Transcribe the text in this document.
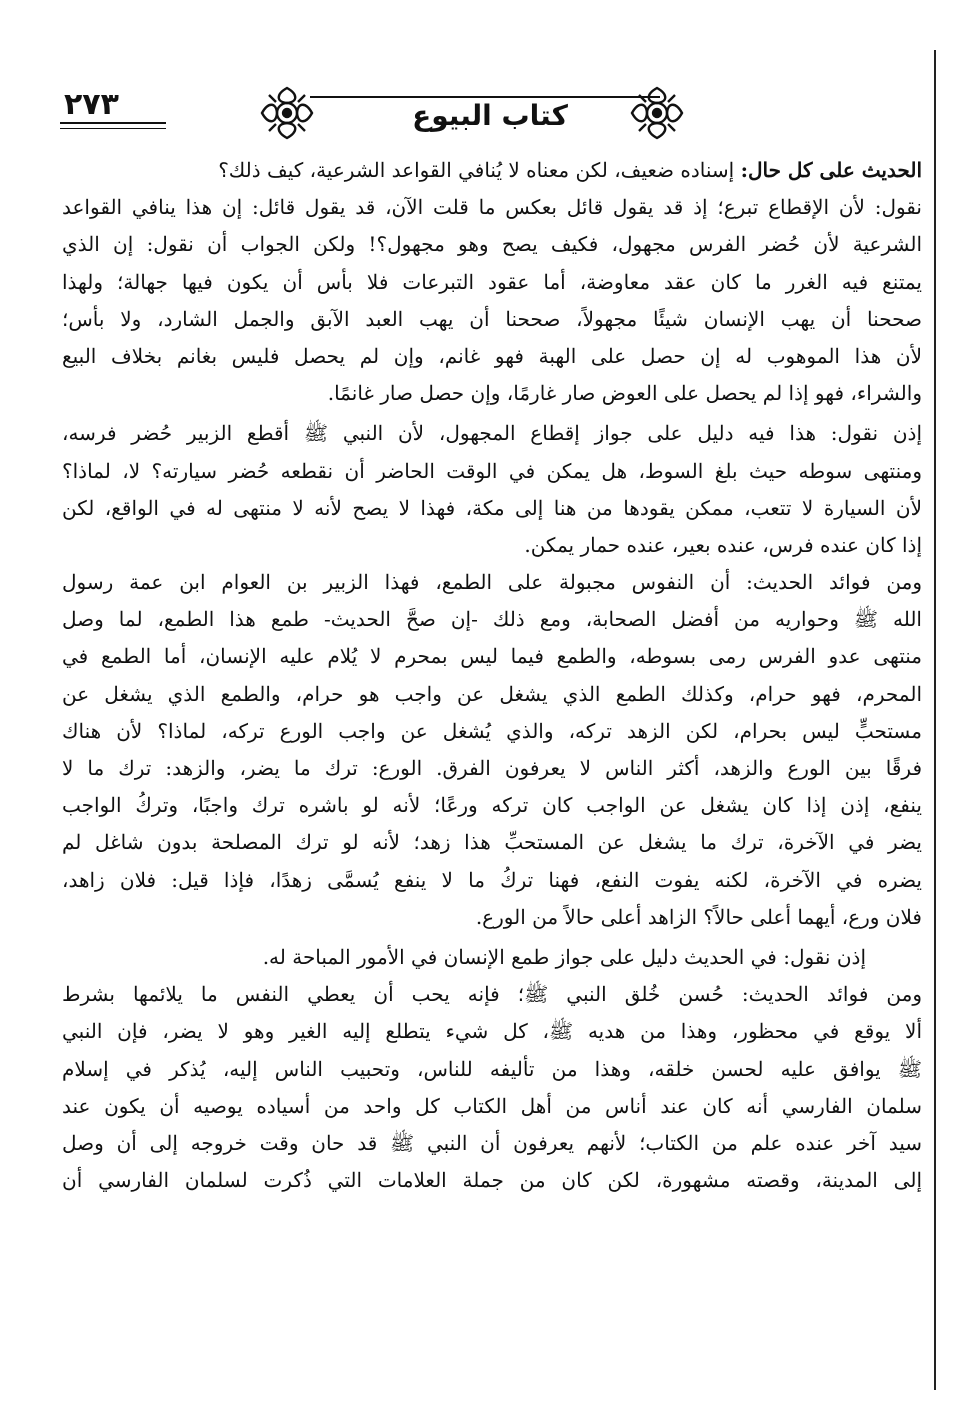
٢٧٣	كتاب البيوع
الحديث على كل حال: إسناده ضعيف، لكن معناه لا يُنافي القواعد الشرعية، كيف ذلك؟
نقول: لأن الإقطاع تبرع؛ إذ قد يقول قائل بعكس ما قلت الآن، قد يقول قائل: إن هذا ينافي القواعد
الشرعية لأن حُضر الفرس مجهول، فكيف يصح وهو مجهول؟! ولكن الجواب أن نقول: إن الذي
يمتنع فيه الغرر ما كان عقد معاوضة، أما عقود التبرعات فلا بأس أن يكون فيها جهالة؛ ولهذا
صححنا أن يهب الإنسان شيئًا مجهولاً، صححنا أن يهب العبد الآبق والجمل الشارد، ولا بأس؛
لأن هذا الموهوب له إن حصل على الهبة فهو غانم، وإن لم يحصل فليس بغانم بخلاف البيع
والشراء، فهو إذا لم يحصل على العوض صار غارمًا، وإن حصل صار غانمًا.
إذن نقول: هذا فيه دليل على جواز إقطاع المجهول، لأن النبي ﷺ أقطع الزبير حُضر فرسه،
ومنتهى سوطه حيث بلغ السوط، هل يمكن في الوقت الحاضر أن نقطعه حُضر سيارته؟ لا، لماذا؟
لأن السيارة لا تتعب، ممكن يقودها من هنا إلى مكة، فهذا لا يصح لأنه لا منتهى له في الواقع، لكن
إذا كان عنده فرس، عنده بعير، عنده حمار يمكن.
ومن فوائد الحديث: أن النفوس مجبولة على الطمع، فهذا الزبير بن العوام ابن عمة رسول
الله ﷺ وحواريه من أفضل الصحابة، ومع ذلك -إن صحَّ الحديث- طمع هذا الطمع، لما وصل
منتهى عدو الفرس رمى بسوطه، والطمع فيما ليس بمحرم لا يُلام عليه الإنسان، أما الطمع في
المحرم، فهو حرام، وكذلك الطمع الذي يشغل عن واجب هو حرام، والطمع الذي يشغل عن
مستحبٍّ ليس بحرام، لكن الزهد تركه، والذي يُشغل عن واجب الورع تركه، لماذا؟ لأن هناك
فرقًا بين الورع والزهد، أكثر الناس لا يعرفون الفرق. الورع: ترك ما يضر، والزهد: ترك ما لا
ينفع، إذن إذا كان يشغل عن الواجب كان تركه ورعًا؛ لأنه لو باشره ترك واجبًا، وتركُ الواجب
يضر في الآخرة، ترك ما يشغل عن المستحبِّ هذا زهد؛ لأنه لو ترك المصلحة بدون شاغل لم
يضره في الآخرة، لكنه يفوت النفع، فهنا تركُ ما لا ينفع يُسمَّى زهدًا، فإذا قيل: فلان زاهد،
فلان ورع، أيهما أعلى حالاً؟ الزاهد أعلى حالاً من الورع.
إذن نقول: في الحديث دليل على جواز طمع الإنسان في الأمور المباحة له.
ومن فوائد الحديث: حُسن خُلق النبي ﷺ؛ فإنه يحب أن يعطي النفس ما يلائمها بشرط
ألا يوقع في محظور، وهذا من هديه ﷺ، كل شيء يتطلع إليه الغير وهو لا يضر، فإن النبي
ﷺ يوافق عليه لحسن خلقه، وهذا من تأليفه للناس، وتحبيب الناس إليه، يُذكر في إسلام
سلمان الفارسي أنه كان عند أناس من أهل الكتاب كل واحد من أسياده يوصيه أن يكون عند
سيد آخر عنده علم من الكتاب؛ لأنهم يعرفون أن النبي ﷺ قد حان وقت خروجه إلى أن وصل
إلى المدينة، وقصته مشهورة، لكن كان من جملة العلامات التي ذُكرت لسلمان الفارسي أن
